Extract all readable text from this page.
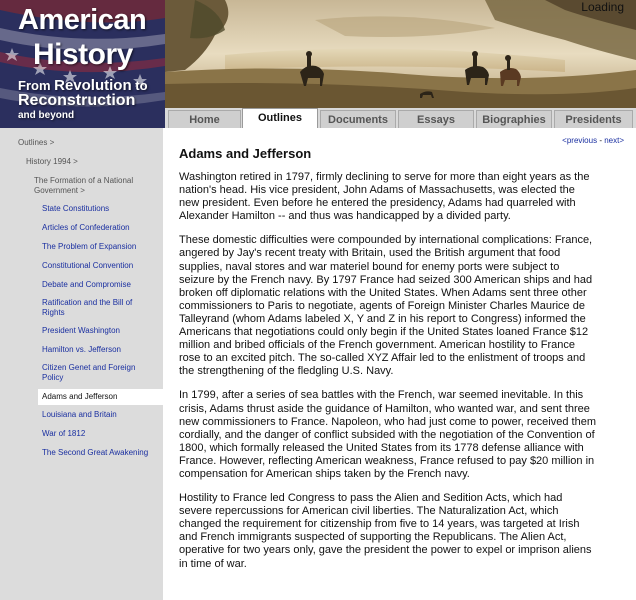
American
History
From Revolution to
Reconstruction
and beyond
Loading
Home	Outlines	Documents	Essays	Biographies	Presidents
Outlines >
History 1994 >
The Formation of a National Government >
State Constitutions
Articles of Confederation
The Problem of Expansion
Constitutional Convention
Debate and Compromise
Ratification and the Bill of Rights
President Washington
Hamilton vs. Jefferson
Citizen Genet and Foreign Policy
Adams and Jefferson
Louisiana and Britain
War of 1812
The Second Great Awakening
<previous - next>
Adams and Jefferson

Washington retired in 1797, firmly declining to serve for more than eight years as the nation's head. His vice president, John Adams of Massachusetts, was elected the new president. Even before he entered the presidency, Adams had quarreled with Alexander Hamilton -- and thus was handicapped by a divided party.

These domestic difficulties were compounded by international complications: France, angered by Jay's recent treaty with Britain, used the British argument that food supplies, naval stores and war materiel bound for enemy ports were subject to seizure by the French navy. By 1797 France had seized 300 American ships and had broken off diplomatic relations with the United States. When Adams sent three other commissioners to Paris to negotiate, agents of Foreign Minister Charles Maurice de Talleyrand (whom Adams labeled X, Y and Z in his report to Congress) informed the Americans that negotiations could only begin if the United States loaned France $12 million and bribed officials of the French government. American hostility to France rose to an excited pitch. The so-called XYZ Affair led to the enlistment of troops and the strengthening of the fledgling U.S. Navy.

In 1799, after a series of sea battles with the French, war seemed inevitable. In this crisis, Adams thrust aside the guidance of Hamilton, who wanted war, and sent three new commissioners to France. Napoleon, who had just come to power, received them cordially, and the danger of conflict subsided with the negotiation of the Convention of 1800, which formally released the United States from its 1778 defense alliance with France. However, reflecting American weakness, France refused to pay $20 million in compensation for American ships taken by the French navy.

Hostility to France led Congress to pass the Alien and Sedition Acts, which had severe repercussions for American civil liberties. The Naturalization Act, which changed the requirement for citizenship from five to 14 years, was targeted at Irish and French immigrants suspected of supporting the Republicans. The Alien Act, operative for two years only, gave the president the power to expel or imprison aliens in time of war.
